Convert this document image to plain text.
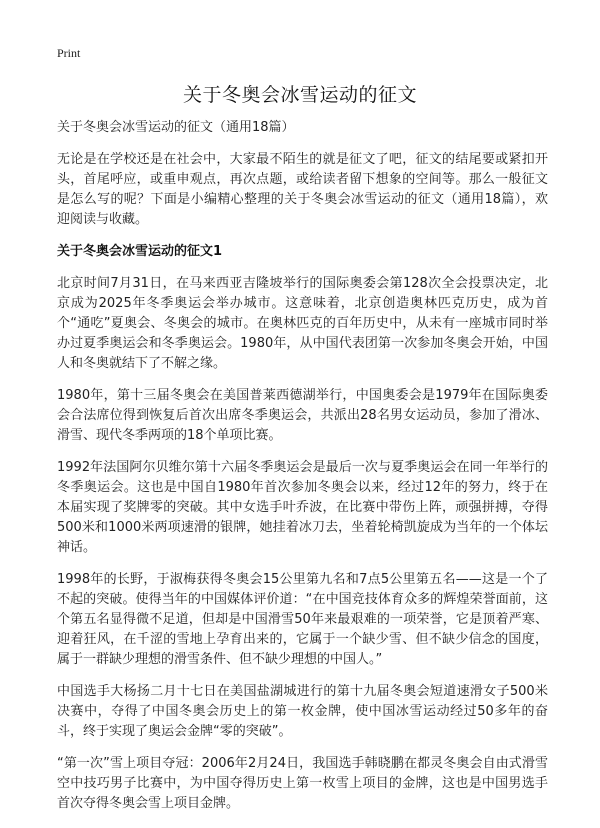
Print
关于冬奥会冰雪运动的征文

关于冬奥会冰雪运动的征文（通用18篇）

无论是在学校还是在社会中，大家最不陌生的就是征文了吧，征文的结尾要或紧扣开头，首尾呼应，或重申观点，再次点题，或给读者留下想象的空间等。那么一般征文是怎么写的呢？下面是小编精心整理的关于冬奥会冰雪运动的征文（通用18篇），欢迎阅读与收藏。

关于冬奥会冰雪运动的征文1

北京时间7月31日，在马来西亚吉隆坡举行的国际奥委会第128次全会投票决定，北京成为2025年冬季奥运会举办城市。这意味着，北京创造奥林匹克历史，成为首个“通吃”夏奥会、冬奥会的城市。在奥林匹克的百年历史中，从未有一座城市同时举办过夏季奥运会和冬季奥运会。1980年，从中国代表团第一次参加冬奥会开始，中国人和冬奥就结下了不解之缘。

1980年，第十三届冬奥会在美国普莱西德湖举行，中国奥委会是1979年在国际奥委会合法席位得到恢复后首次出席冬季奥运会，共派出28名男女运动员，参加了滑冰、滑雪、现代冬季两项的18个单项比赛。

1992年法国阿尔贝维尔第十六届冬季奥运会是最后一次与夏季奥运会在同一年举行的冬季奥运会。这也是中国自1980年首次参加冬奥会以来，经过12年的努力，终于在本届实现了奖牌零的突破。其中女选手叶乔波，在比赛中带伤上阵，顽强拼搏，夺得500米和1000米两项速滑的银牌，她挂着冰刀去，坐着轮椅凯旋成为当年的一个体坛神话。

1998年的长野，于淑梅获得冬奥会15公里第九名和7点5公里第五名——这是一个了不起的突破。使得当年的中国媒体评价道：“在中国竞技体育众多的辉煌荣誉面前，这个第五名显得微不足道，但却是中国滑雪50年来最艰难的一项荣誉，它是顶着严寒、迎着狂风，在千涩的雪地上孕育出来的，它属于一个缺少雪、但不缺少信念的国度，属于一群缺少理想的滑雪条件、但不缺少理想的中国人。”

中国选手大杨扬二月十七日在美国盐湖城进行的第十九届冬奥会短道速滑女子500米决赛中，夺得了中国冬奥会历史上的第一枚金牌，使中国冰雪运动经过50多年的奋斗，终于实现了奥运会金牌“零的突破”。

“第一次”雪上项目夺冠：2006年2月24日，我国选手韩晓鹏在都灵冬奥会自由式滑雪空中技巧男子比赛中，为中国夺得历史上第一枚雪上项目的金牌，这也是中国男选手首次夺得冬奥会雪上项目金牌。
